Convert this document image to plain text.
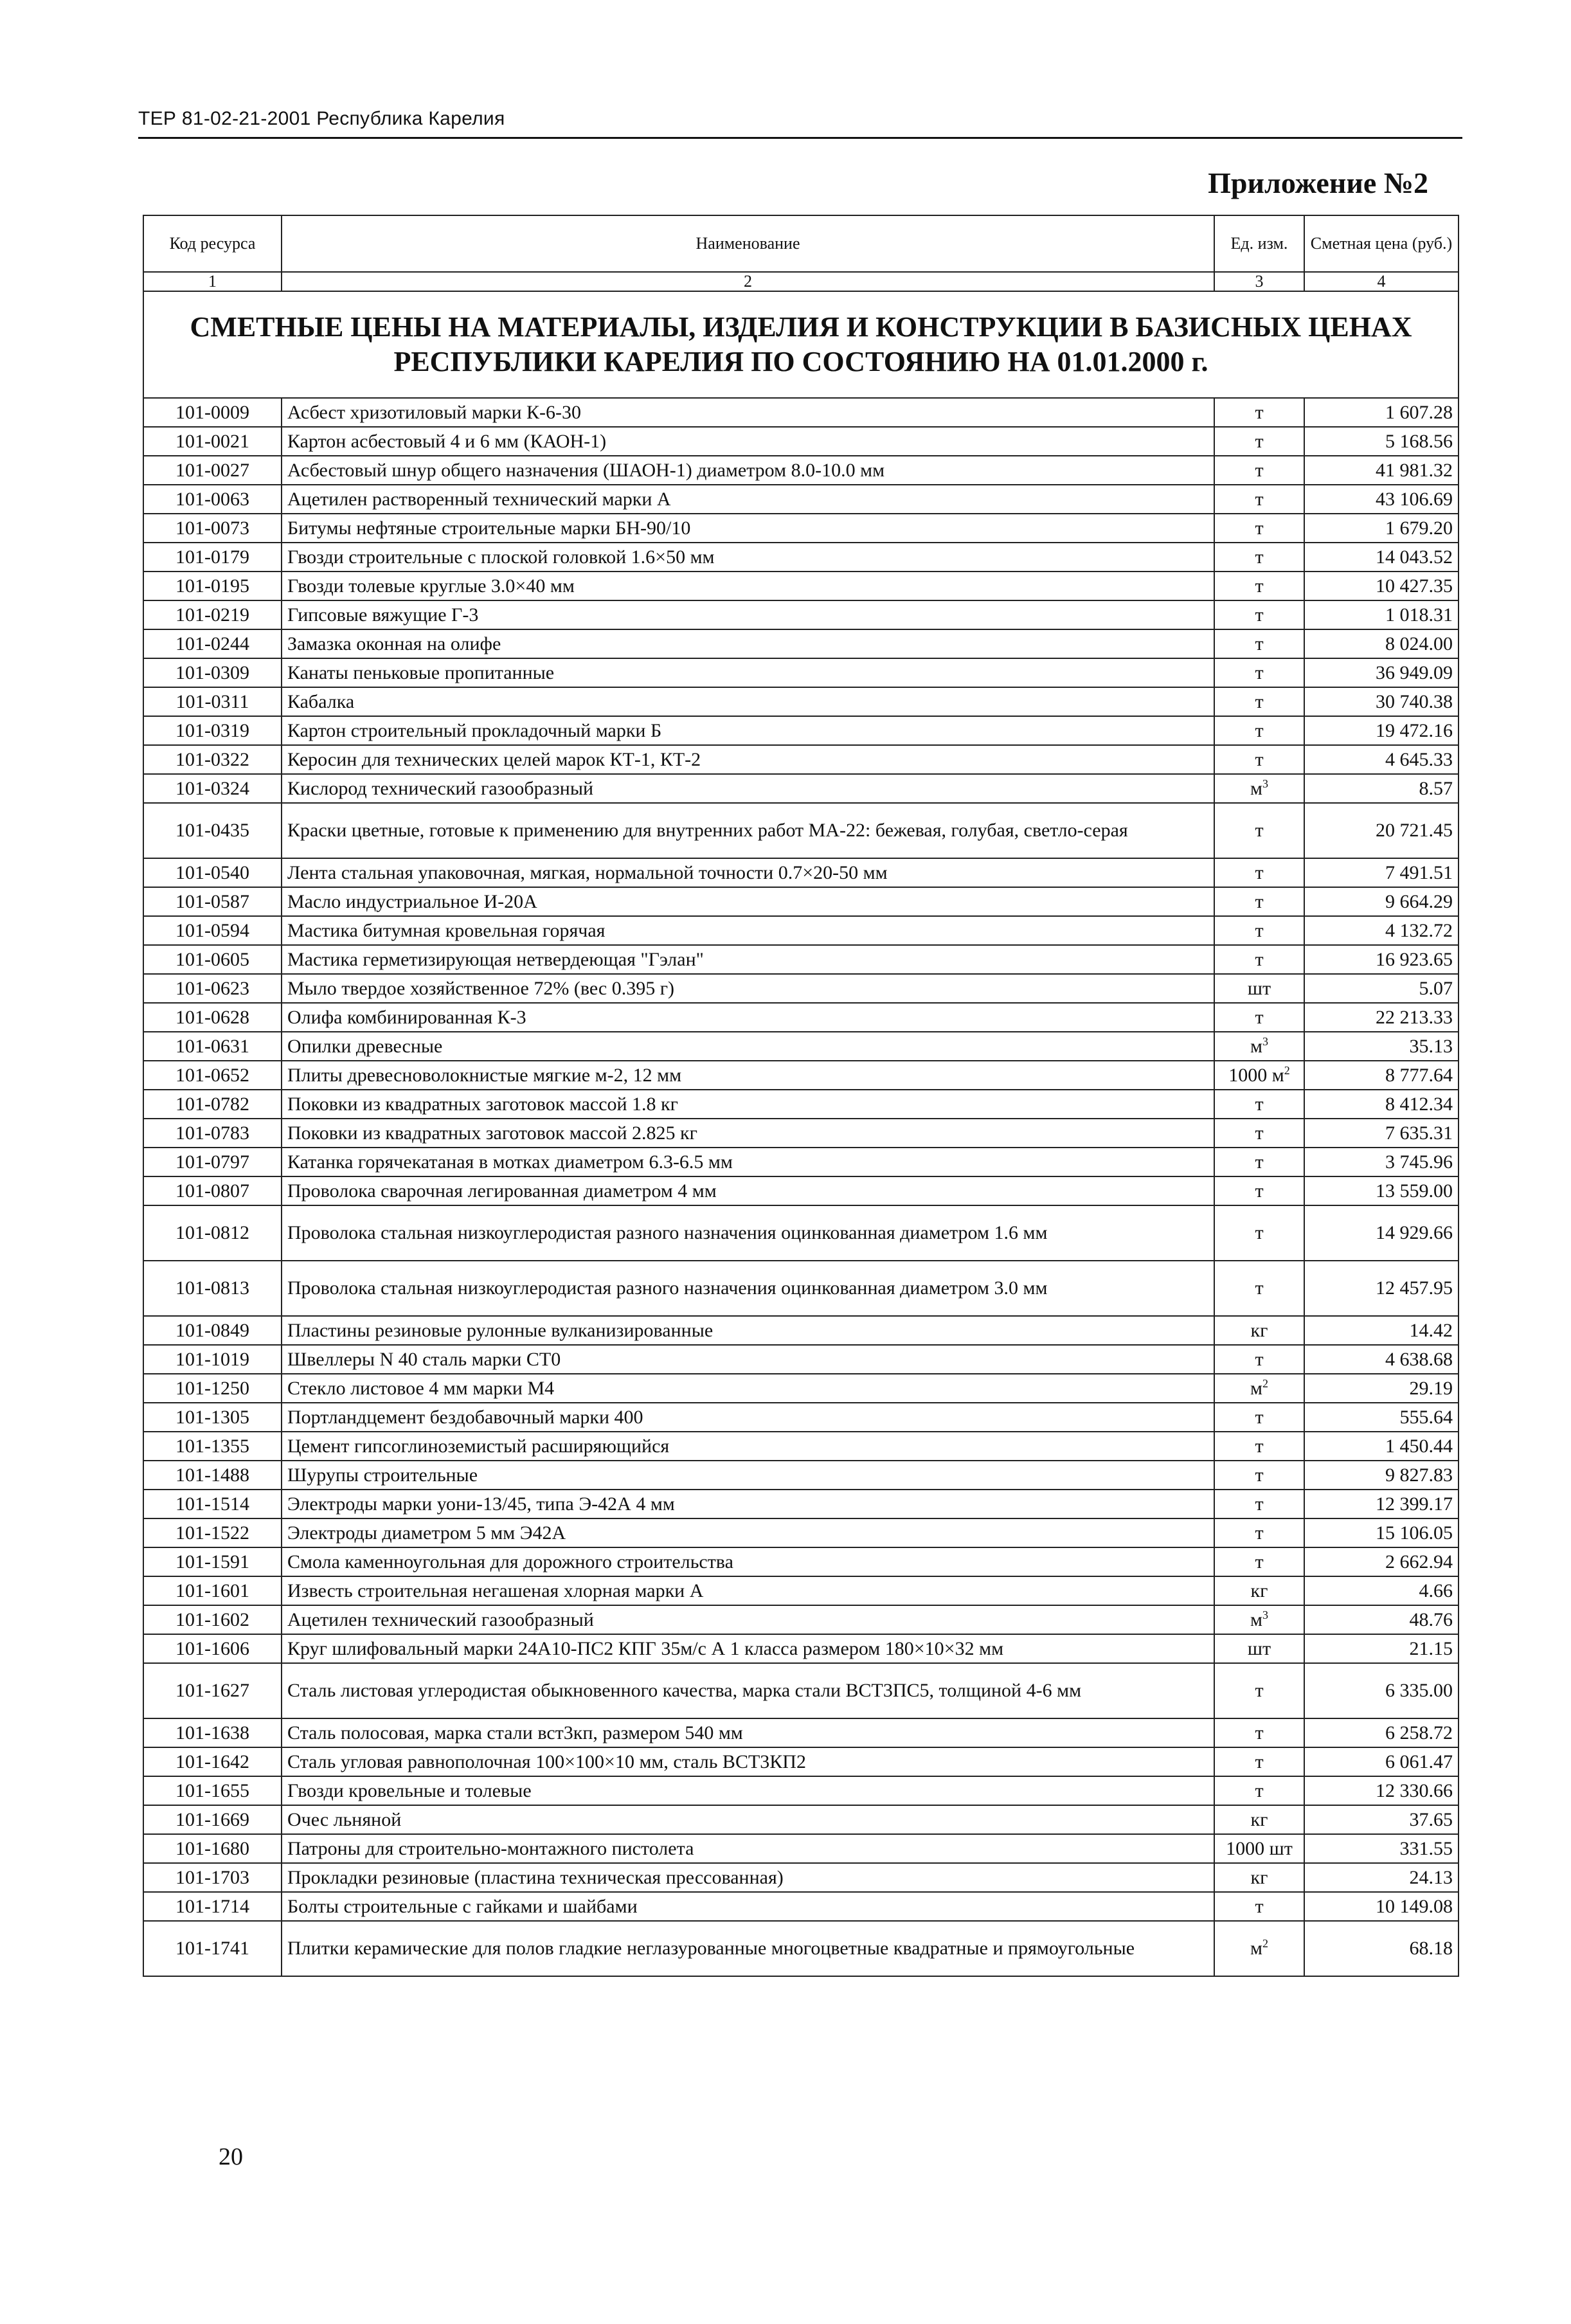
ТЕР 81-02-21-2001 Республика Карелия
Приложение №2
Код ресурса	Наименование	Ед. изм.	Сметная цена (руб.)
1	2	3	4
СМЕТНЫЕ ЦЕНЫ НА МАТЕРИАЛЫ, ИЗДЕЛИЯ И КОНСТРУКЦИИ В БАЗИСНЫХ ЦЕНАХ РЕСПУБЛИКИ КАРЕЛИЯ ПО СОСТОЯНИЮ НА 01.01.2000 г.			
101-0009	Асбест хризотиловый марки К-6-30	т	1 607.28
101-0021	Картон асбестовый 4 и 6 мм (КАОН-1)	т	5 168.56
101-0027	Асбестовый шнур общего назначения (ШАОН-1) диаметром 8.0-10.0 мм	т	41 981.32
101-0063	Ацетилен растворенный технический марки А	т	43 106.69
101-0073	Битумы нефтяные строительные марки БН-90/10	т	1 679.20
101-0179	Гвозди строительные с плоской головкой 1.6×50 мм	т	14 043.52
101-0195	Гвозди толевые круглые 3.0×40 мм	т	10 427.35
101-0219	Гипсовые вяжущие Г-3	т	1 018.31
101-0244	Замазка оконная на олифе	т	8 024.00
101-0309	Канаты пеньковые пропитанные	т	36 949.09
101-0311	Кабалка	т	30 740.38
101-0319	Картон строительный прокладочный марки Б	т	19 472.16
101-0322	Керосин для технических целей марок КТ-1, КТ-2	т	4 645.33
101-0324	Кислород технический газообразный	$м^3$	8.57
101-0435	Краски цветные, готовые к применению для внутренних работ МА-22: бежевая, голубая, светло-серая	т	20 721.45
101-0540	Лента стальная упаковочная, мягкая, нормальной точности 0.7×20-50 мм	т	7 491.51
101-0587	Масло индустриальное И-20А	т	9 664.29
101-0594	Мастика битумная кровельная горячая	т	4 132.72
101-0605	Мастика герметизирующая нетвердеющая "Гэлан"	т	16 923.65
101-0623	Мыло твердое хозяйственное 72% (вес 0.395 г)	шт	5.07
101-0628	Олифа комбинированная К-3	т	22 213.33
101-0631	Опилки древесные	$м^3$	35.13
101-0652	Плиты древесноволокнистые мягкие м-2, 12 мм	1000 $м^2$	8 777.64
101-0782	Поковки из квадратных заготовок массой 1.8 кг	т	8 412.34
101-0783	Поковки из квадратных заготовок массой 2.825 кг	т	7 635.31
101-0797	Катанка горячекатаная в мотках диаметром 6.3-6.5 мм	т	3 745.96
101-0807	Проволока сварочная легированная диаметром 4 мм	т	13 559.00
101-0812	Проволока стальная низкоуглеродистая разного назначения оцинкованная диаметром 1.6 мм	т	14 929.66
101-0813	Проволока стальная низкоуглеродистая разного назначения оцинкованная диаметром 3.0 мм	т	12 457.95
101-0849	Пластины резиновые рулонные вулканизированные	кг	14.42
101-1019	Швеллеры N 40 сталь марки СТ0	т	4 638.68
101-1250	Стекло листовое 4 мм марки М4	$м^2$	29.19
101-1305	Портландцемент бездобавочный марки 400	т	555.64
101-1355	Цемент гипсоглиноземистый расширяющийся	т	1 450.44
101-1488	Шурупы строительные	т	9 827.83
101-1514	Электроды марки уони-13/45, типа Э-42А 4 мм	т	12 399.17
101-1522	Электроды диаметром 5 мм Э42А	т	15 106.05
101-1591	Смола каменноугольная для дорожного строительства	т	2 662.94
101-1601	Известь строительная негашеная хлорная марки А	кг	4.66
101-1602	Ацетилен технический газообразный	$м^3$	48.76
101-1606	Круг шлифовальный марки 24А10-ПС2 КПГ 35м/с А 1 класса размером 180×10×32 мм	шт	21.15
101-1627	Сталь листовая углеродистая обыкновенного качества, марка стали ВСТ3ПС5, толщиной 4-6 мм	т	6 335.00
101-1638	Сталь полосовая, марка стали вст3кп, размером 540 мм	т	6 258.72
101-1642	Сталь угловая равнополочная 100×100×10 мм, сталь ВСТ3КП2	т	6 061.47
101-1655	Гвозди кровельные и толевые	т	12 330.66
101-1669	Очес льняной	кг	37.65
101-1680	Патроны для строительно-монтажного пистолета	1000 шт	331.55
101-1703	Прокладки резиновые (пластина техническая прессованная)	кг	24.13
101-1714	Болты строительные с гайками и шайбами	т	10 149.08
101-1741	Плитки керамические для полов гладкие неглазурованные многоцветные квадратные и прямоугольные	$м^2$	68.18
20
